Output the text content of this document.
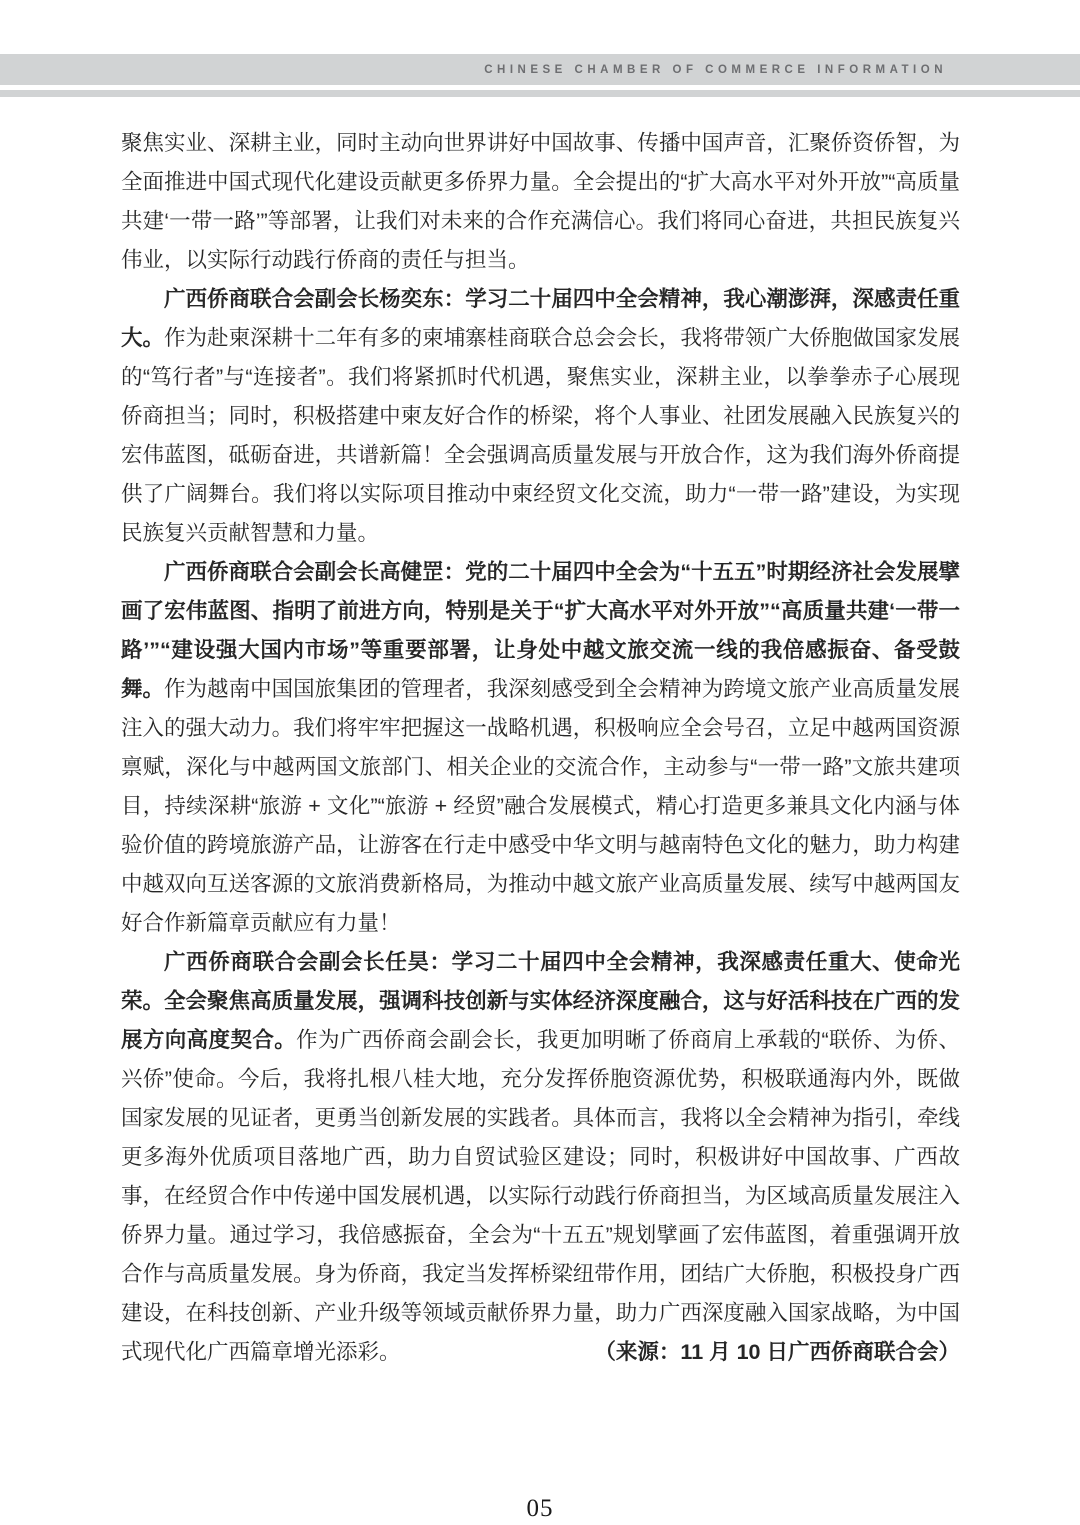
CHINESE CHAMBER OF COMMERCE INFORMATION

聚焦实业、深耕主业，同时主动向世界讲好中国故事、传播中国声音，汇聚侨资侨智，为全面推进中国式现代化建设贡献更多侨界力量。全会提出的“扩大高水平对外开放”“高质量共建‘一带一路’”等部署，让我们对未来的合作充满信心。我们将同心奋进，共担民族复兴伟业，以实际行动践行侨商的责任与担当。

广西侨商联合会副会长杨奕东：学习二十届四中全会精神，我心潮澎湃，深感责任重大。作为赴柬深耕十二年有多的柬埔寨桂商联合总会会长，我将带领广大侨胞做国家发展的“笃行者”与“连接者”。我们将紧抓时代机遇，聚焦实业，深耕主业，以拳拳赤子心展现侨商担当；同时，积极搭建中柬友好合作的桥梁，将个人事业、社团发展融入民族复兴的宏伟蓝图，砥砺奋进，共谱新篇！全会强调高质量发展与开放合作，这为我们海外侨商提供了广阔舞台。我们将以实际项目推动中柬经贸文化交流，助力“一带一路”建设，为实现民族复兴贡献智慧和力量。

广西侨商联合会副会长高健罡：党的二十届四中全会为“十五五”时期经济社会发展擘画了宏伟蓝图、指明了前进方向，特别是关于“扩大高水平对外开放”“高质量共建‘一带一路’”“建设强大国内市场”等重要部署，让身处中越文旅交流一线的我倍感振奋、备受鼓舞。作为越南中国国旅集团的管理者，我深刻感受到全会精神为跨境文旅产业高质量发展注入的强大动力。我们将牢牢把握这一战略机遇，积极响应全会号召，立足中越两国资源禀赋，深化与中越两国文旅部门、相关企业的交流合作，主动参与“一带一路”文旅共建项目，持续深耕“旅游 + 文化”“旅游 + 经贸”融合发展模式，精心打造更多兼具文化内涵与体验价值的跨境旅游产品，让游客在行走中感受中华文明与越南特色文化的魅力，助力构建中越双向互送客源的文旅消费新格局，为推动中越文旅产业高质量发展、续写中越两国友好合作新篇章贡献应有力量！

广西侨商联合会副会长任昊：学习二十届四中全会精神，我深感责任重大、使命光荣。全会聚焦高质量发展，强调科技创新与实体经济深度融合，这与好活科技在广西的发展方向高度契合。作为广西侨商会副会长，我更加明晰了侨商肩上承载的“联侨、为侨、兴侨”使命。今后，我将扎根八桂大地，充分发挥侨胞资源优势，积极联通海内外，既做国家发展的见证者，更勇当创新发展的实践者。具体而言，我将以全会精神为指引，牵线更多海外优质项目落地广西，助力自贸试验区建设；同时，积极讲好中国故事、广西故事，在经贸合作中传递中国发展机遇，以实际行动践行侨商担当，为区域高质量发展注入侨界力量。通过学习，我倍感振奋，全会为“十五五”规划擘画了宏伟蓝图，着重强调开放合作与高质量发展。身为侨商，我定当发挥桥梁纽带作用，团结广大侨胞，积极投身广西建设，在科技创新、产业升级等领域贡献侨界力量，助力广西深度融入国家战略，为中国式现代化广西篇章增光添彩。	（来源：11 月 10 日广西侨商联合会）

05
